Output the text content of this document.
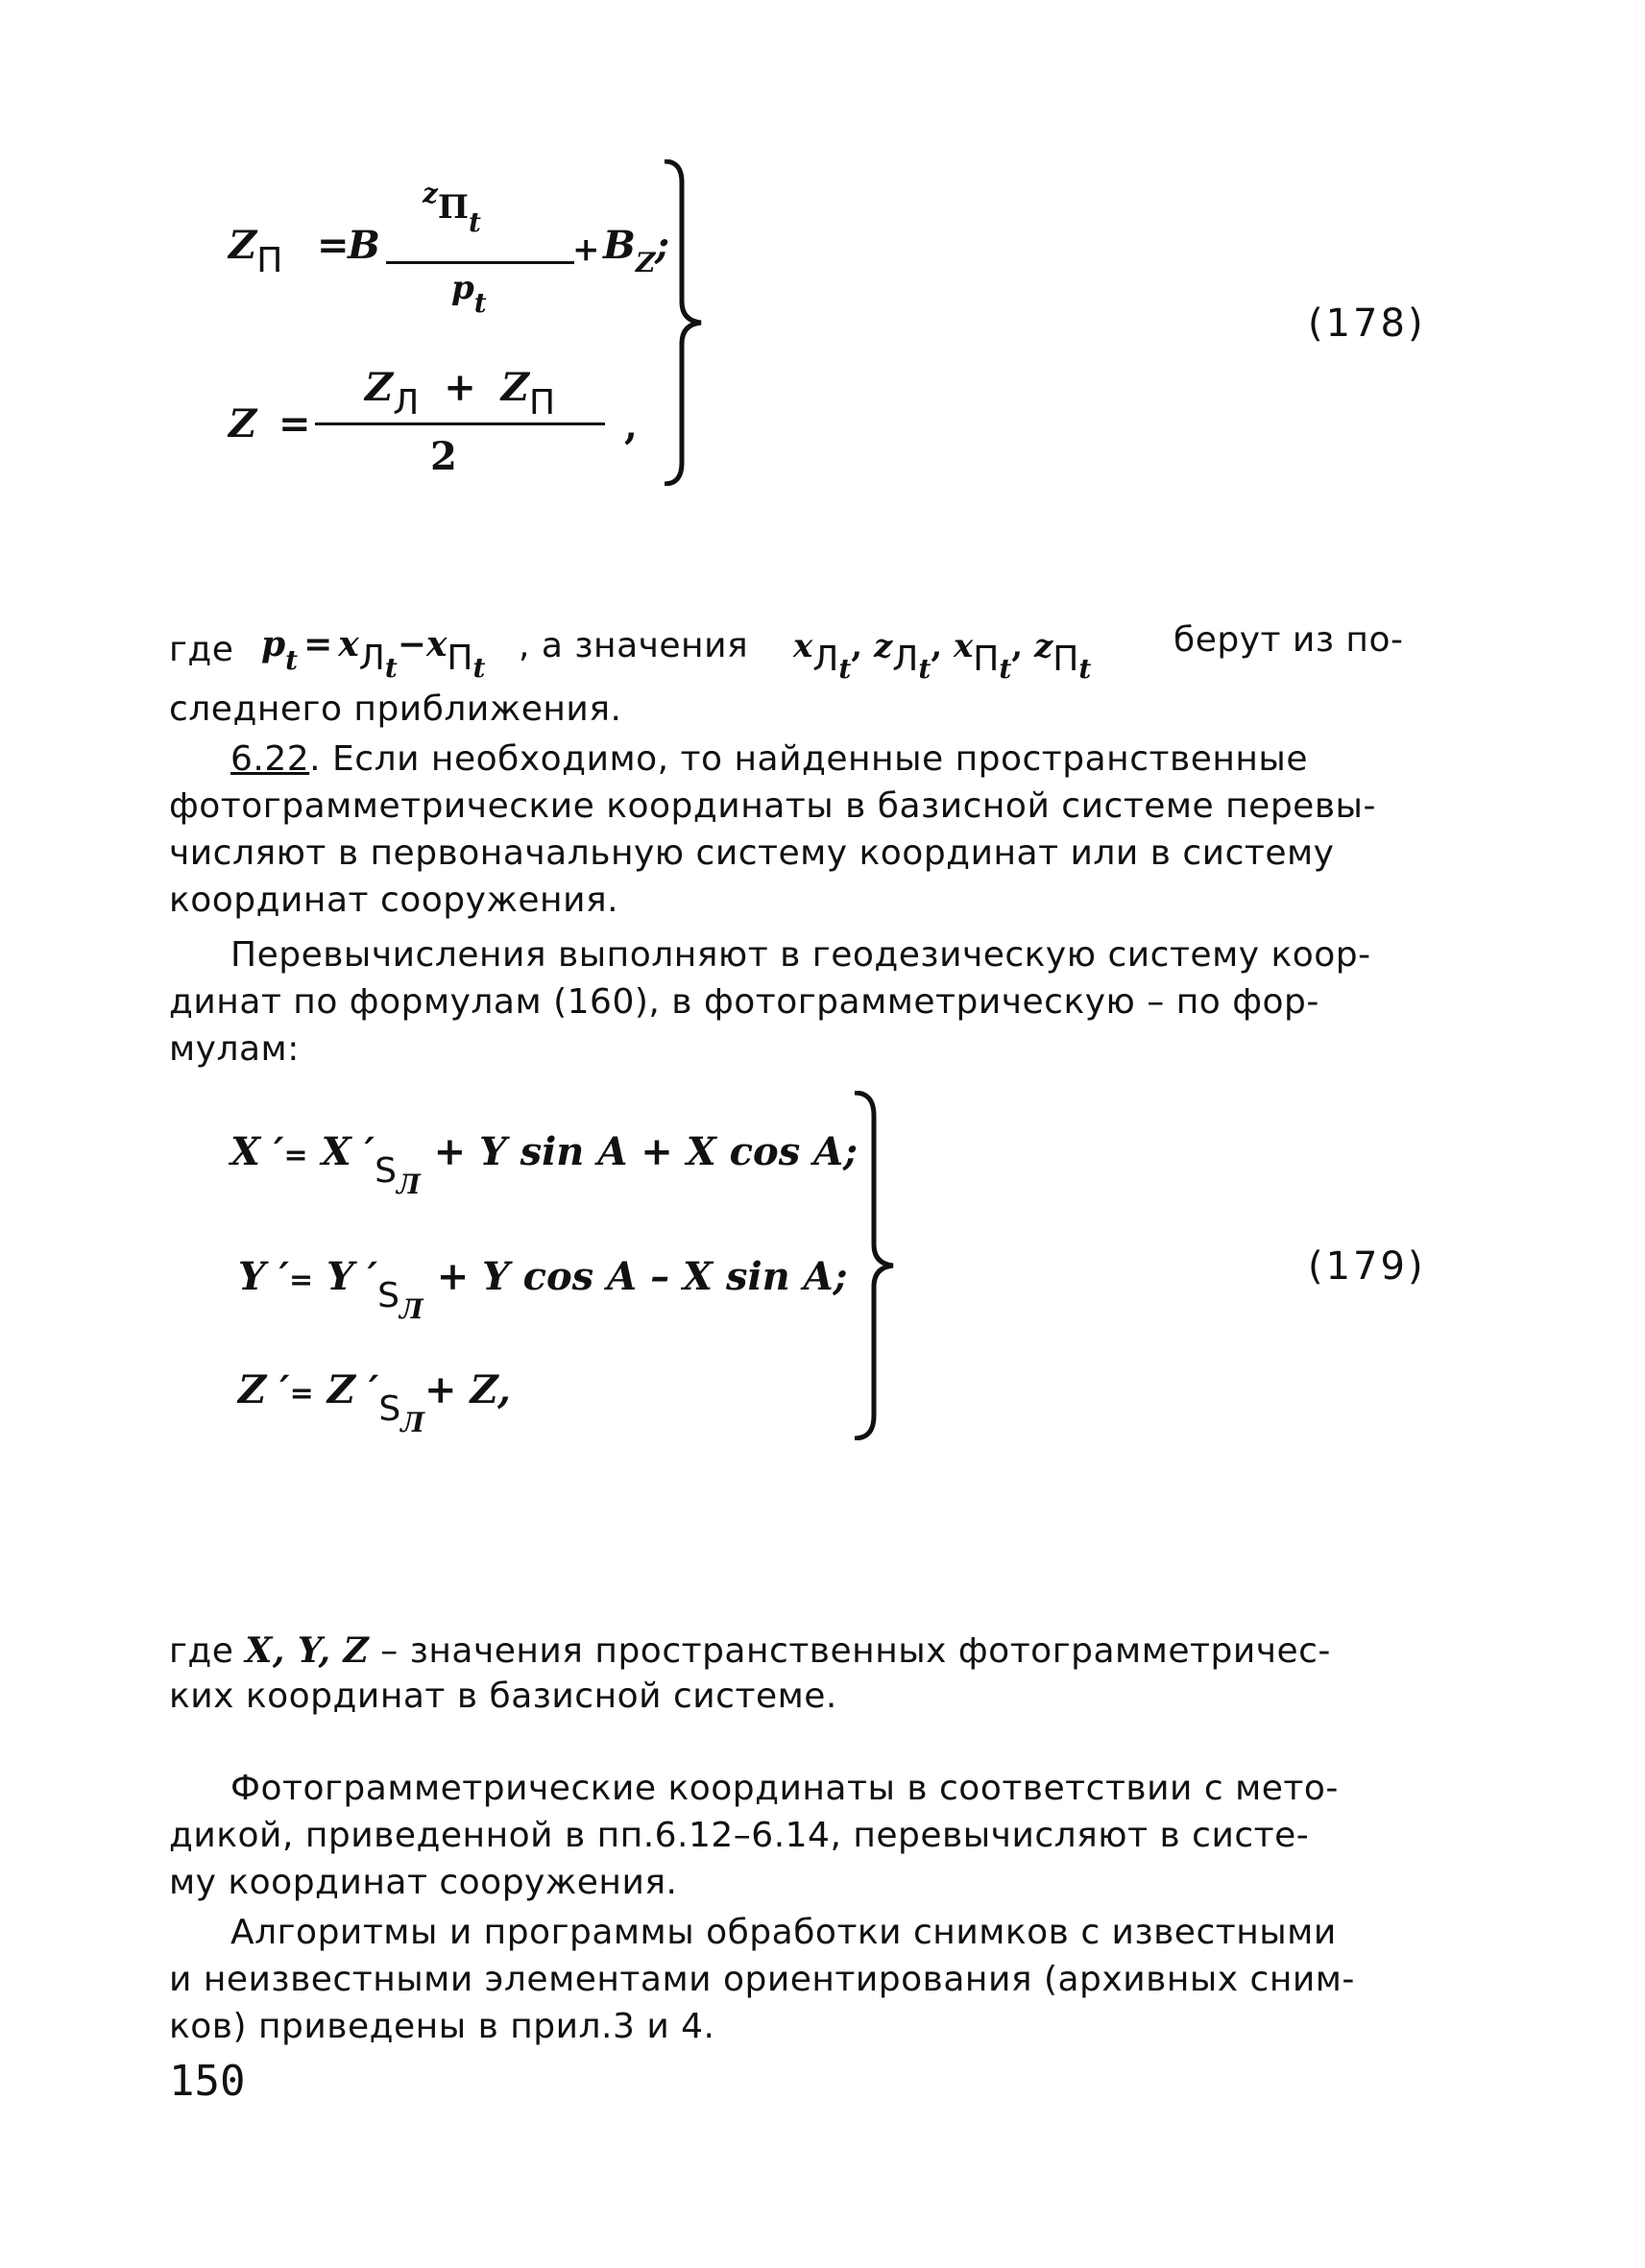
ZП =
B
$^zП_t$
$p_t$
+ $B_Z$;
Z =
ZЛ + ZП
2
,
(178)
где $p_t = xЛ_t-xП_t$
, а значения $xЛ_t$, $zЛ_t$, $xП_t$, $zП_t$
берут из по-
следнего приближения.
6.22. Если необходимо, то найденные пространственные
фотограмметрические координаты в базисной системе перевы-
числяют в первоначальную систему координат или в систему
координат сооружения.
Перевычисления выполняют в геодезическую систему коор-
динат по формулам (160), в фотограмметрическую – по фор-
мулам:
X ′= X $'S_Л + Y$ sin A + X cos A;
Y ′= Y $'S_Л + Y$ cos A – X sin A;
Z ′= Z $'S_Л+ Z$,
(179)
где X, Y, Z – значения пространственных фотограмметричес-
ких координат в базисной системе.
Фотограмметрические координаты в соответствии с мето-
дикой, приведенной в пп.6.12–6.14, перевычисляют в систе-
му координат сооружения.
Алгоритмы и программы обработки снимков с известными
и неизвестными элементами ориентирования (архивных сним-
ков) приведены в прил.3 и 4.
150
